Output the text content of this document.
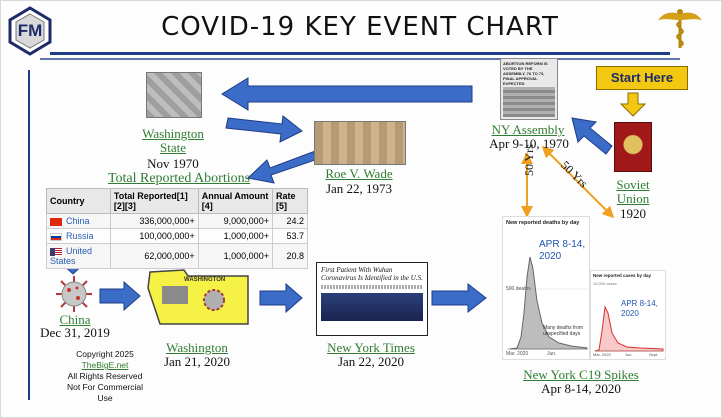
FM	COVID-19 KEY EVENT CHART
Washington
State
Nov 1970
Roe V. Wade
Jan 22, 1973
ABORTION REFORM IS VOTED BY THE ASSEMBLY, 76 TO 73, FINAL APPROVAL EXPECTED
NY Assembly
Apr 9-10, 1970
Start Here
Soviet
Union
1920
50 Yrs 50 Yrs
Total Reported Abortions
Country	Total Reported[1][2][3]	Annual Amount [4]	Rate [5]
China	336,000,000+	9,000,000+	24.2
Russia	100,000,000+	1,000,000+	53.7
United States	62,000,000+	1,000,000+	20.8
China
Dec 31, 2019
WASHINGTON
Washington
Jan 21, 2020
First Patient With Wuhan Coronavirus Is Identified in the U.S.
New York Times
Jan 22, 2020
New reported deaths by day
APR 8-14,
2020
500 deaths
Many deaths from
unspecified days
Mar. 2020	Jun.
New reported cases by day
10,000 cases
APR 8-14,
2020
Mar. 2020	Jun.	Sept.
New York C19 Spikes
Apr 8-14, 2020
Copyright 2025
TheBigE.net
All Rights Reserved
Not For Commercial Use
